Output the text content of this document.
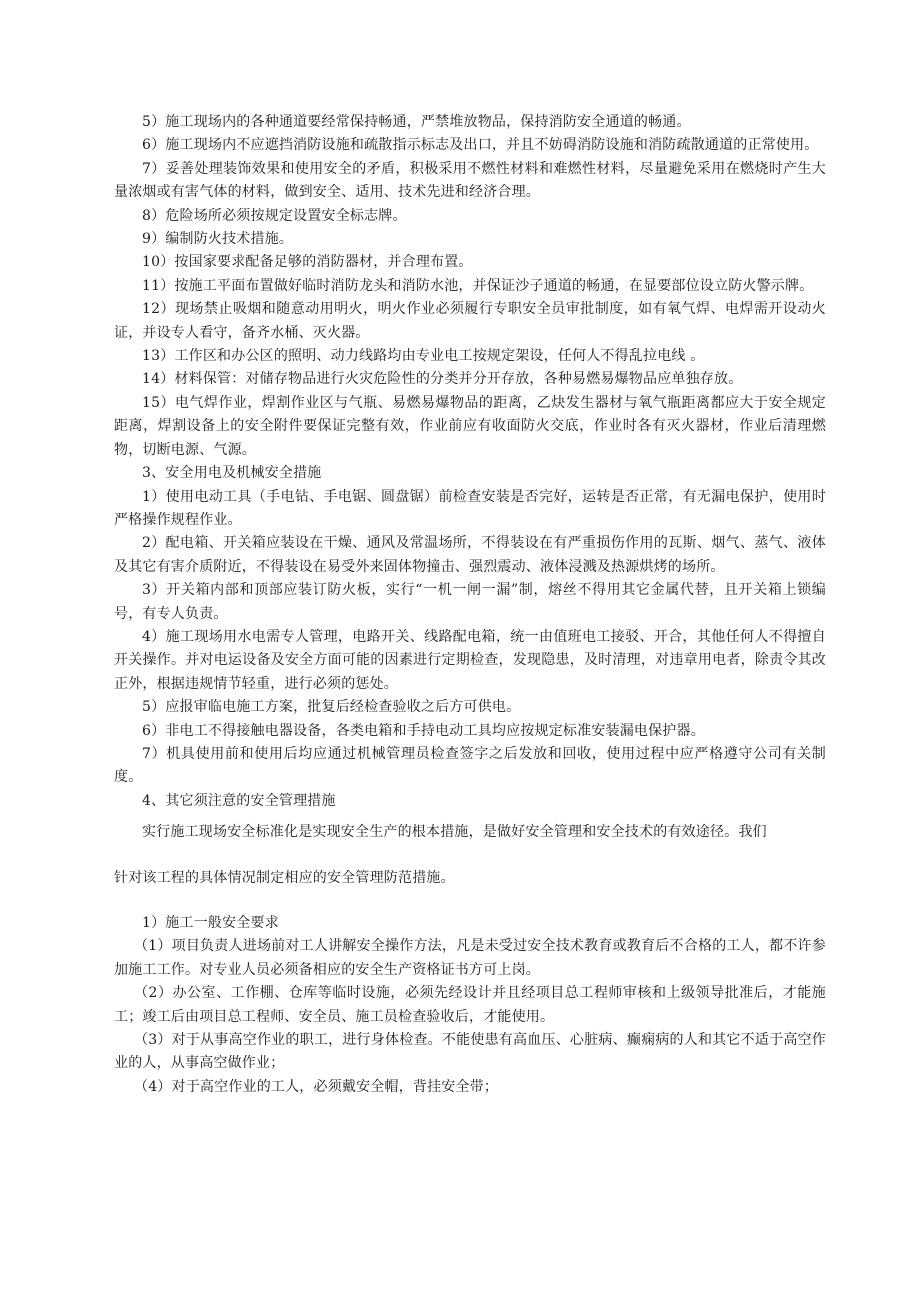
5）施工现场内的各种通道要经常保持畅通，严禁堆放物品，保持消防安全通道的畅通。

6）施工现场内不应遮挡消防设施和疏散指示标志及出口，并且不妨碍消防设施和消防疏散通道的正常使用。

7）妥善处理装饰效果和使用安全的矛盾，积极采用不燃性材料和难燃性材料，尽量避免采用在燃烧时产生大量浓烟或有害气体的材料，做到安全、适用、技术先进和经济合理。

8）危险场所必须按规定设置安全标志牌。

9）编制防火技术措施。

10）按国家要求配备足够的消防器材，并合理布置。

11）按施工平面布置做好临时消防龙头和消防水池，并保证沙子通道的畅通，在显要部位设立防火警示牌。

12）现场禁止吸烟和随意动用明火，明火作业必须履行专职安全员审批制度，如有氧气焊、电焊需开设动火证，并设专人看守，备齐水桶、灭火器。

13）工作区和办公区的照明、动力线路均由专业电工按规定架设，任何人不得乱拉电线 。

14）材料保管：对储存物品进行火灾危险性的分类并分开存放，各种易燃易爆物品应单独存放。

15）电气焊作业，焊割作业区与气瓶、易燃易爆物品的距离，乙炔发生器材与氧气瓶距离都应大于安全规定距离，焊割设备上的安全附件要保证完整有效，作业前应有收面防火交底，作业时各有灭火器材，作业后清理燃物，切断电源、气源。

3、安全用电及机械安全措施

1）使用电动工具（手电钻、手电锯、圆盘锯）前检查安装是否完好，运转是否正常，有无漏电保护，使用时严格操作规程作业。

2）配电箱、开关箱应装设在干燥、通风及常温场所，不得装设在有严重损伤作用的瓦斯、烟气、蒸气、液体及其它有害介质附近，不得装设在易受外来固体物撞击、强烈震动、液体浸溅及热源烘烤的场所。

3）开关箱内部和顶部应装订防火板，实行“一机一闸一漏”制，熔丝不得用其它金属代替，且开关箱上锁编号，有专人负责。

4）施工现场用水电需专人管理，电路开关、线路配电箱，统一由值班电工接驳、开合，其他任何人不得擅自开关操作。并对电运设备及安全方面可能的因素进行定期检查，发现隐患，及时清理，对违章用电者，除责令其改正外，根据违规情节轻重，进行必须的惩处。

5）应报审临电施工方案，批复后经检查验收之后方可供电。

6）非电工不得接触电器设备，各类电箱和手持电动工具均应按规定标准安装漏电保护器。

7）机具使用前和使用后均应通过机械管理员检查签字之后发放和回收，使用过程中应严格遵守公司有关制度。

4、其它须注意的安全管理措施

实行施工现场安全标准化是实现安全生产的根本措施，是做好安全管理和安全技术的有效途径。我们

针对该工程的具体情况制定相应的安全管理防范措施。

1）施工一般安全要求

（1）项目负责人进场前对工人讲解安全操作方法，凡是未受过安全技术教育或教育后不合格的工人，都不许参加施工工作。对专业人员必须备相应的安全生产资格证书方可上岗。

（2）办公室、工作棚、仓库等临时设施，必须先经设计并且经项目总工程师审核和上级领导批准后，才能施工；竣工后由项目总工程师、安全员、施工员检查验收后，才能使用。

（3）对于从事高空作业的职工，进行身体检查。不能使患有高血压、心脏病、癫痫病的人和其它不适于高空作业的人，从事高空做作业；

（4）对于高空作业的工人，必须戴安全帽，背挂安全带；
